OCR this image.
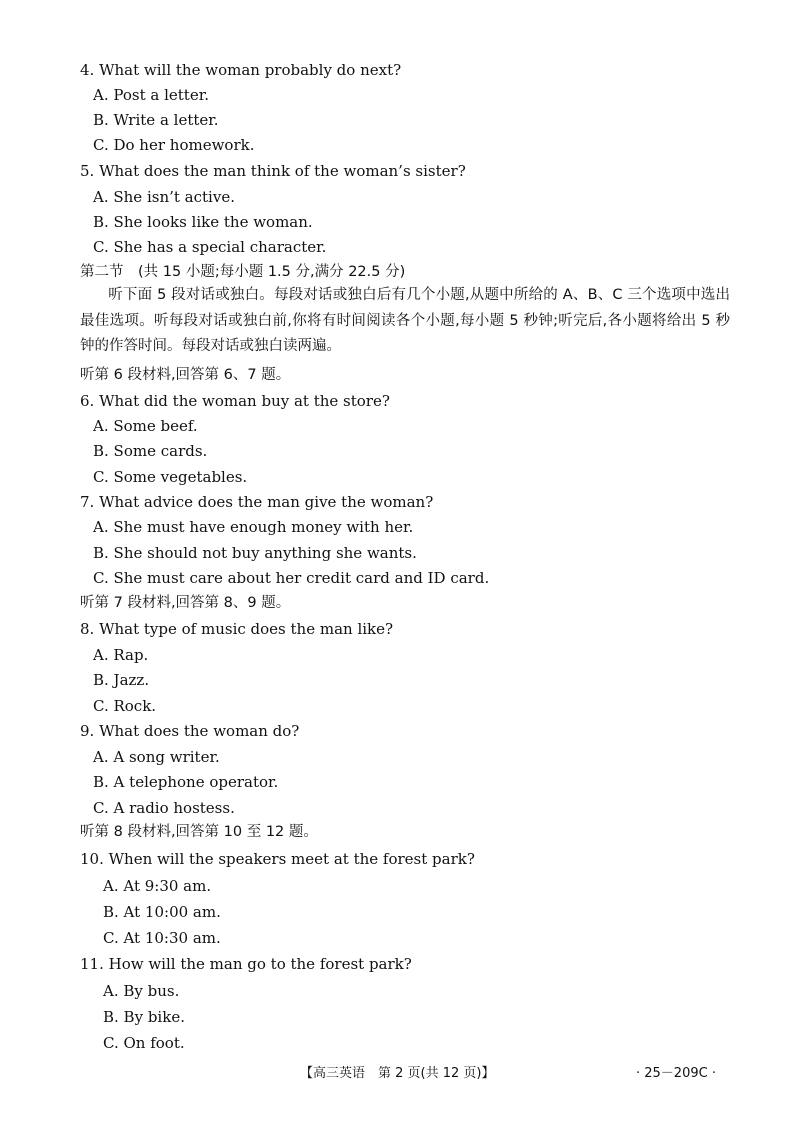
4. What will the woman probably do next?
A. Post a letter.
B. Write a letter.
C. Do her homework.
5. What does the man think of the woman’s sister?
A. She isn’t active.
B. She looks like the woman.
C. She has a special character.
第二节　(共 15 小题;每小题 1.5 分,满分 22.5 分)
听下面 5 段对话或独白。每段对话或独白后有几个小题,从题中所给的 A、B、C 三个选项中选出最佳选项。听每段对话或独白前,你将有时间阅读各个小题,每小题 5 秒钟;听完后,各小题将给出 5 秒钟的作答时间。每段对话或独白读两遍。
听第 6 段材料,回答第 6、7 题。
6. What did the woman buy at the store?
A. Some beef.
B. Some cards.
C. Some vegetables.
7. What advice does the man give the woman?
A. She must have enough money with her.
B. She should not buy anything she wants.
C. She must care about her credit card and ID card.
听第 7 段材料,回答第 8、9 题。
8. What type of music does the man like?
A. Rap.
B. Jazz.
C. Rock.
9. What does the woman do?
A. A song writer.
B. A telephone operator.
C. A radio hostess.
听第 8 段材料,回答第 10 至 12 题。
10. When will the speakers meet at the forest park?
A. At 9:30 am.
B. At 10:00 am.
C. At 10:30 am.
11. How will the man go to the forest park?
A. By bus.
B. By bike.
C. On foot.
【高三英语　第 2 页(共 12 页)】	· 25－209C ·
